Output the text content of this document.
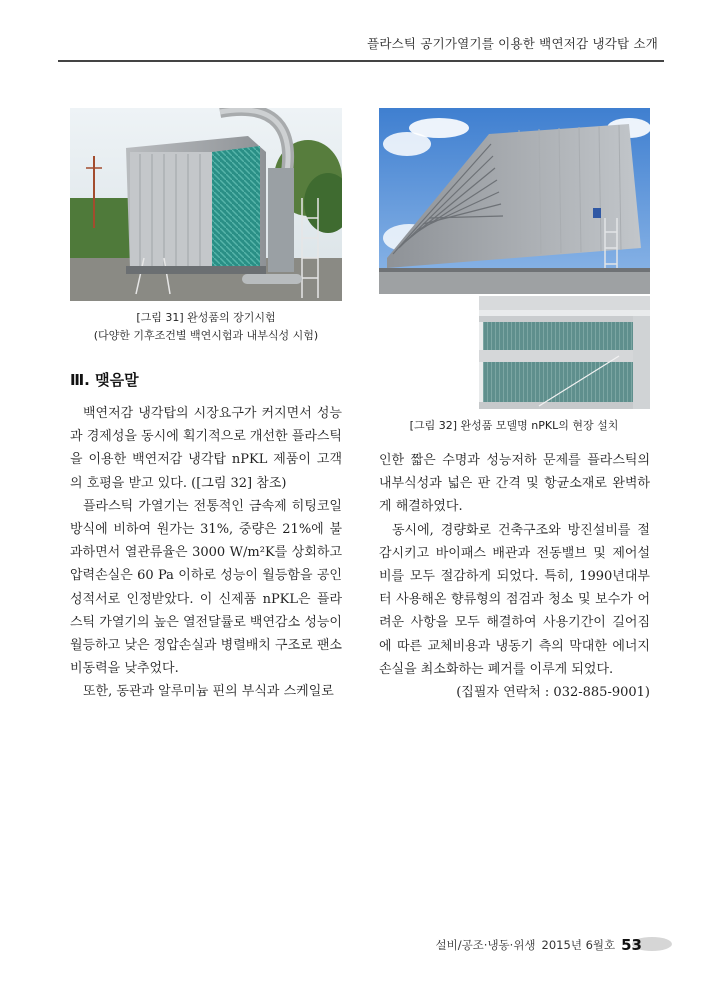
플라스틱 공기가열기를 이용한 백연저감 냉각탑 소개
[그림 31] 완성품의 장기시험
(다양한 기후조건별 백연시험과 내부식성 시험)
[그림 32] 완성품 모델명 nPKL의 현장 설치
Ⅲ. 맺음말

백연저감 냉각탑의 시장요구가 커지면서 성능과 경제성을 동시에 획기적으로 개선한 플라스틱을 이용한 백연저감 냉각탑 nPKL 제품이 고객의 호평을 받고 있다. ([그림 32] 참조)

플라스틱 가열기는 전통적인 금속제 히팅코일 방식에 비하여 원가는 31%, 중량은 21%에 불과하면서 열관류율은 3000 W/m²K를 상회하고 압력손실은 60 Pa 이하로 성능이 월등함을 공인성적서로 인정받았다. 이 신제품 nPKL은 플라스틱 가열기의 높은 열전달률로 백연감소 성능이 월등하고 낮은 정압손실과 병렬배치 구조로 팬소비동력을 낮추었다.

또한, 동관과 알루미늄 핀의 부식과 스케일로

인한 짧은 수명과 성능저하 문제를 플라스틱의 내부식성과 넓은 판 간격 및 항균소재로 완벽하게 해결하였다.

동시에, 경량화로 건축구조와 방진설비를 절감시키고 바이패스 배관과 전동밸브 및 제어설비를 모두 절감하게 되었다. 특히, 1990년대부터 사용해온 향류형의 점검과 청소 및 보수가 어려운 사항을 모두 해결하여 사용기간이 길어짐에 따른 교체비용과 냉동기 측의 막대한 에너지 손실을 최소화하는 폐거를 이루게 되었다.

(집필자 연락처 : 032-885-9001)

설비/공조·냉동·위생 2015년 6월호 53
